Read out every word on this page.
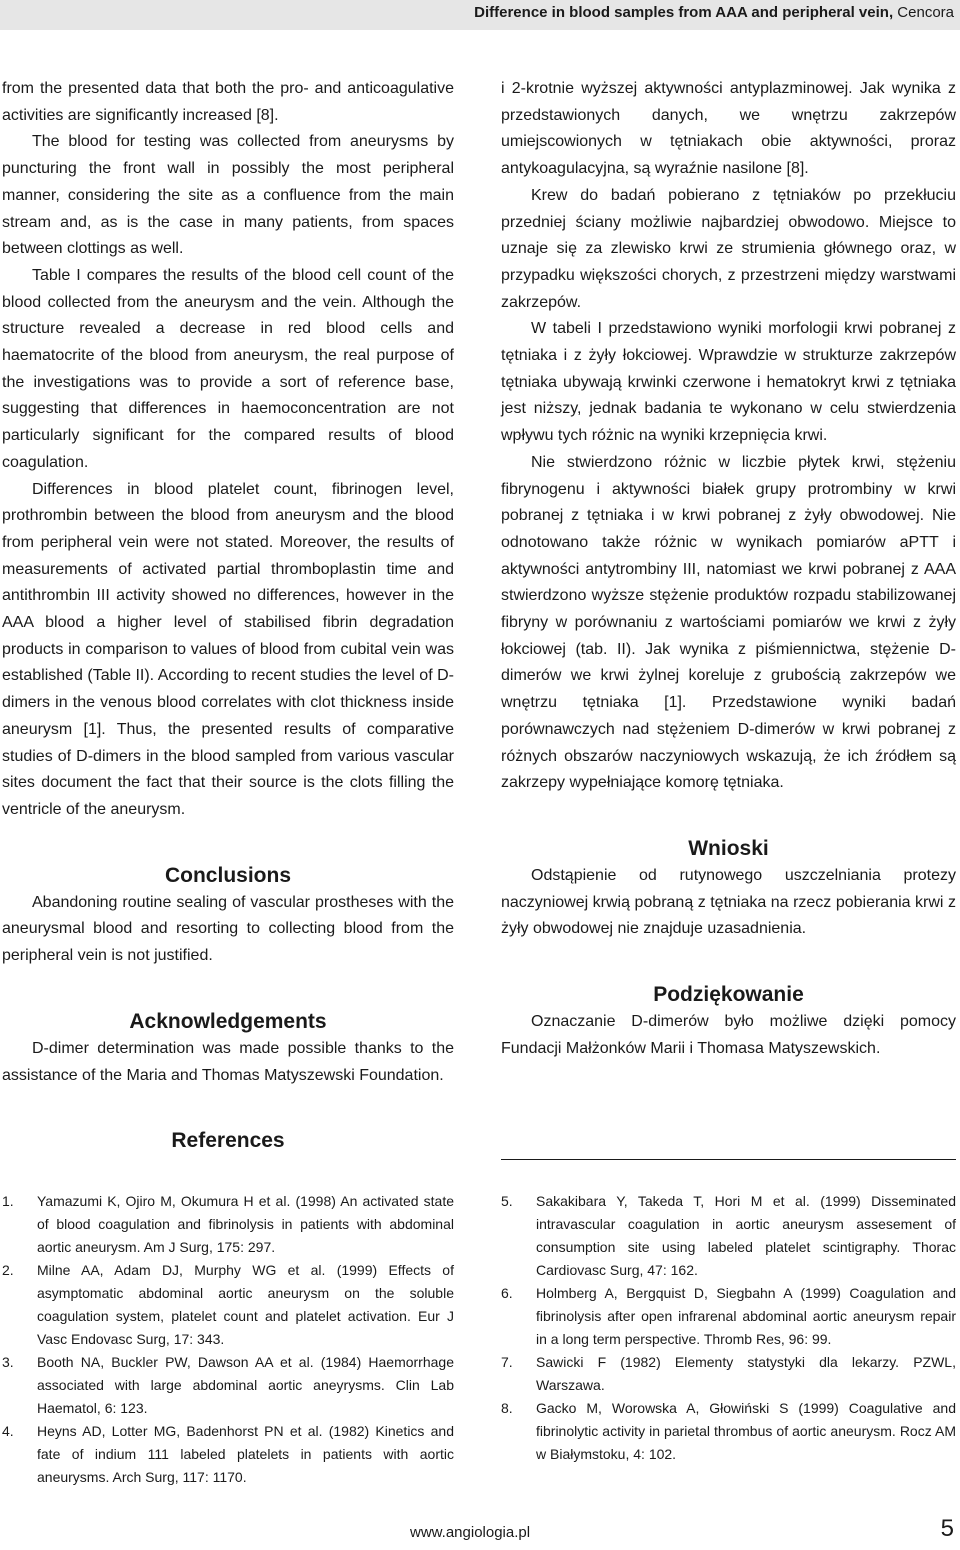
Difference in blood samples from AAA and peripheral vein, Cencora

from the presented data that both the pro- and anticoagulative activities are significantly increased [8].

The blood for testing was collected from aneurysms by puncturing the front wall in possibly the most peripheral manner, considering the site as a confluence from the main stream and, as is the case in many patients, from spaces between clottings as well.

Table I compares the results of the blood cell count of the blood collected from the aneurysm and the vein. Although the structure revealed a decrease in red blood cells and haematocrite of the blood from aneurysm, the real purpose of the investigations was to provide a sort of reference base, suggesting that differences in haemoconcentration are not particularly significant for the compared results of blood coagulation.

Differences in blood platelet count, fibrinogen level, prothrombin between the blood from aneurysm and the blood from peripheral vein were not stated. Moreover, the results of measurements of activated partial thromboplastin time and antithrombin III activity showed no differences, however in the AAA blood a higher level of stabilised fibrin degradation products in comparison to values of blood from cubital vein was established (Table II). According to recent studies the level of D-dimers in the venous blood correlates with clot thickness inside aneurysm [1]. Thus, the presented results of comparative studies of D-dimers in the blood sampled from various vascular sites document the fact that their source is the clots filling the ventricle of the aneurysm.

Conclusions

Abandoning routine sealing of vascular prostheses with the aneurysmal blood and resorting to collecting blood from the peripheral vein is not justified.

Acknowledgements

D-dimer determination was made possible thanks to the assistance of the Maria and Thomas Matyszewski Foundation.

References

i 2-krotnie wyższej aktywności antyplazminowej. Jak wynika z przedstawionych danych, we wnętrzu zakrzepów umiejscowionych w tętniakach obie aktywności, proraz antykoagulacyjna, są wyraźnie nasilone [8].

Krew do badań pobierano z tętniaków po przekłuciu przedniej ściany możliwie najbardziej obwodowo. Miejsce to uznaje się za zlewisko krwi ze strumienia głównego oraz, w przypadku większości chorych, z przestrzeni między warstwami zakrzepów.

W tabeli I przedstawiono wyniki morfologii krwi pobranej z tętniaka i z żyły łokciowej. Wprawdzie w strukturze zakrzepów tętniaka ubywają krwinki czerwone i hematokryt krwi z tętniaka jest niższy, jednak badania te wykonano w celu stwierdzenia wpływu tych różnic na wyniki krzepnięcia krwi.

Nie stwierdzono różnic w liczbie płytek krwi, stężeniu fibrynogenu i aktywności białek grupy protrombiny w krwi pobranej z tętniaka i w krwi pobranej z żyły obwodowej. Nie odnotowano także różnic w wynikach pomiarów aPTT i aktywności antytrombiny III, natomiast we krwi pobranej z AAA stwierdzono wyższe stężenie produktów rozpadu stabilizowanej fibryny w porównaniu z wartościami pomiarów we krwi z żyły łokciowej (tab. II). Jak wynika z piśmiennictwa, stężenie D-dimerów we krwi żylnej koreluje z grubością zakrzepów we wnętrzu tętniaka [1]. Przedstawione wyniki badań porównawczych nad stężeniem D-dimerów w krwi pobranej z różnych obszarów naczyniowych wskazują, że ich źródłem są zakrzepy wypełniające komorę tętniaka.

Wnioski

Odstąpienie od rutynowego uszczelniania protezy naczyniowej krwią pobraną z tętniaka na rzecz pobierania krwi z żyły obwodowej nie znajduje uzasadnienia.

Podziękowanie

Oznaczanie D-dimerów było możliwe dzięki pomocy Fundacji Małżonków Marii i Thomasa Matyszewskich.

1.	Yamazumi K, Ojiro M, Okumura H et al. (1998) An activated state of blood coagulation and fibrinolysis in patients with abdominal aortic aneurysm. Am J Surg, 175: 297.
2.	Milne AA, Adam DJ, Murphy WG et al. (1999) Effects of asymptomatic abdominal aortic aneurysm on the soluble coagulation system, platelet count and platelet activation. Eur J Vasc Endovasc Surg, 17: 343.
3.	Booth NA, Buckler PW, Dawson AA et al. (1984) Haemorrhage associated with large abdominal aortic aneyrysms. Clin Lab Haematol, 6: 123.
4.	Heyns AD, Lotter MG, Badenhorst PN et al. (1982) Kinetics and fate of indium 111 labeled platelets in patients with aortic aneurysms. Arch Surg, 117: 1170.
5.	Sakakibara Y, Takeda T, Hori M et al. (1999) Disseminated intravascular coagulation in aortic aneurysm assesement of consumption site using labeled platelet scintigraphy. Thorac Cardiovasc Surg, 47: 162.
6.	Holmberg A, Bergquist D, Siegbahn A (1999) Coagulation and fibrinolysis after open infrarenal abdominal aortic aneurysm repair in a long term perspective. Thromb Res, 96: 99.
7.	Sawicki F (1982) Elementy statystyki dla lekarzy. PZWL, Warszawa.
8.	Gacko M, Worowska A, Głowiński S (1999) Coagulative and fibrinolytic activity in parietal thrombus of aortic aneurysm. Rocz AM w Białymstoku, 4: 102.
www.angiologia.pl	5
